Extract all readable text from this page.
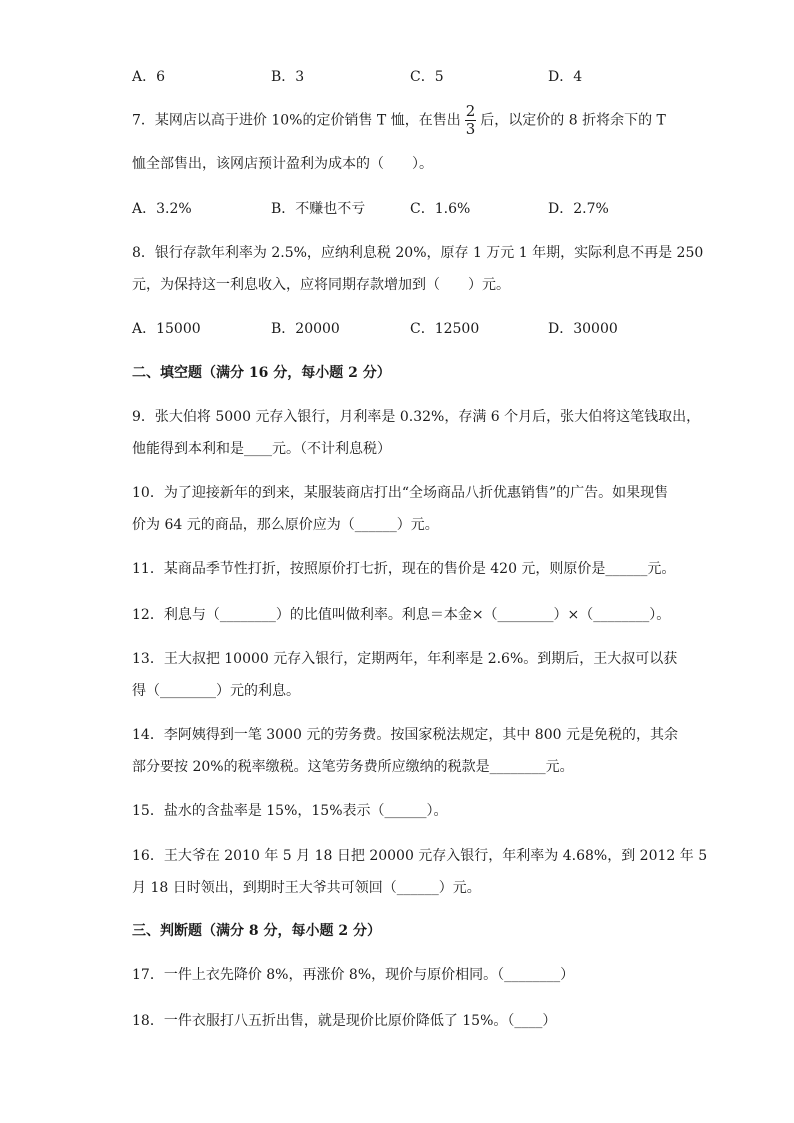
A．6	B．3	C．5	D．4
7．某网店以高于进价 10%的定价销售 T 恤，在售出 $\frac{2}{3}$ 后，以定价的 8 折将余下的 T
恤全部售出，该网店预计盈利为成本的（　　）。
A．3.2%	B．不赚也不亏	C．1.6%	D．2.7%
8．银行存款年利率为 2.5%，应纳利息税 20%，原存 1 万元 1 年期，实际利息不再是 250
元，为保持这一利息收入，应将同期存款增加到（　　）元。
A．15000	B．20000	C．12500	D．30000
二、填空题（满分 16 分，每小题 2 分）
9．张大伯将 5000 元存入银行，月利率是 0.32%，存满 6 个月后，张大伯将这笔钱取出，
他能得到本利和是____元。（不计利息税）
10．为了迎接新年的到来，某服装商店打出“全场商品八折优惠销售”的广告。如果现售
价为 64 元的商品，那么原价应为（______）元。
11．某商品季节性打折，按照原价打七折，现在的售价是 420 元，则原价是______元。
12．利息与（________）的比值叫做利率。利息＝本金×（________）×（________）。
13．王大叔把 10000 元存入银行，定期两年，年利率是 2.6%。到期后，王大叔可以获
得（________）元的利息。
14．李阿姨得到一笔 3000 元的劳务费。按国家税法规定，其中 800 元是免税的，其余
部分要按 20%的税率缴税。这笔劳务费所应缴纳的税款是________元。
15．盐水的含盐率是 15%，15%表示（______）。
16．王大爷在 2010 年 5 月 18 日把 20000 元存入银行，年利率为 4.68%，到 2012 年 5
月 18 日时领出，到期时王大爷共可领回（______）元。
三、判断题（满分 8 分，每小题 2 分）
17．一件上衣先降价 8%，再涨价 8%，现价与原价相同。（________）
18．一件衣服打八五折出售，就是现价比原价降低了 15%。（____）
